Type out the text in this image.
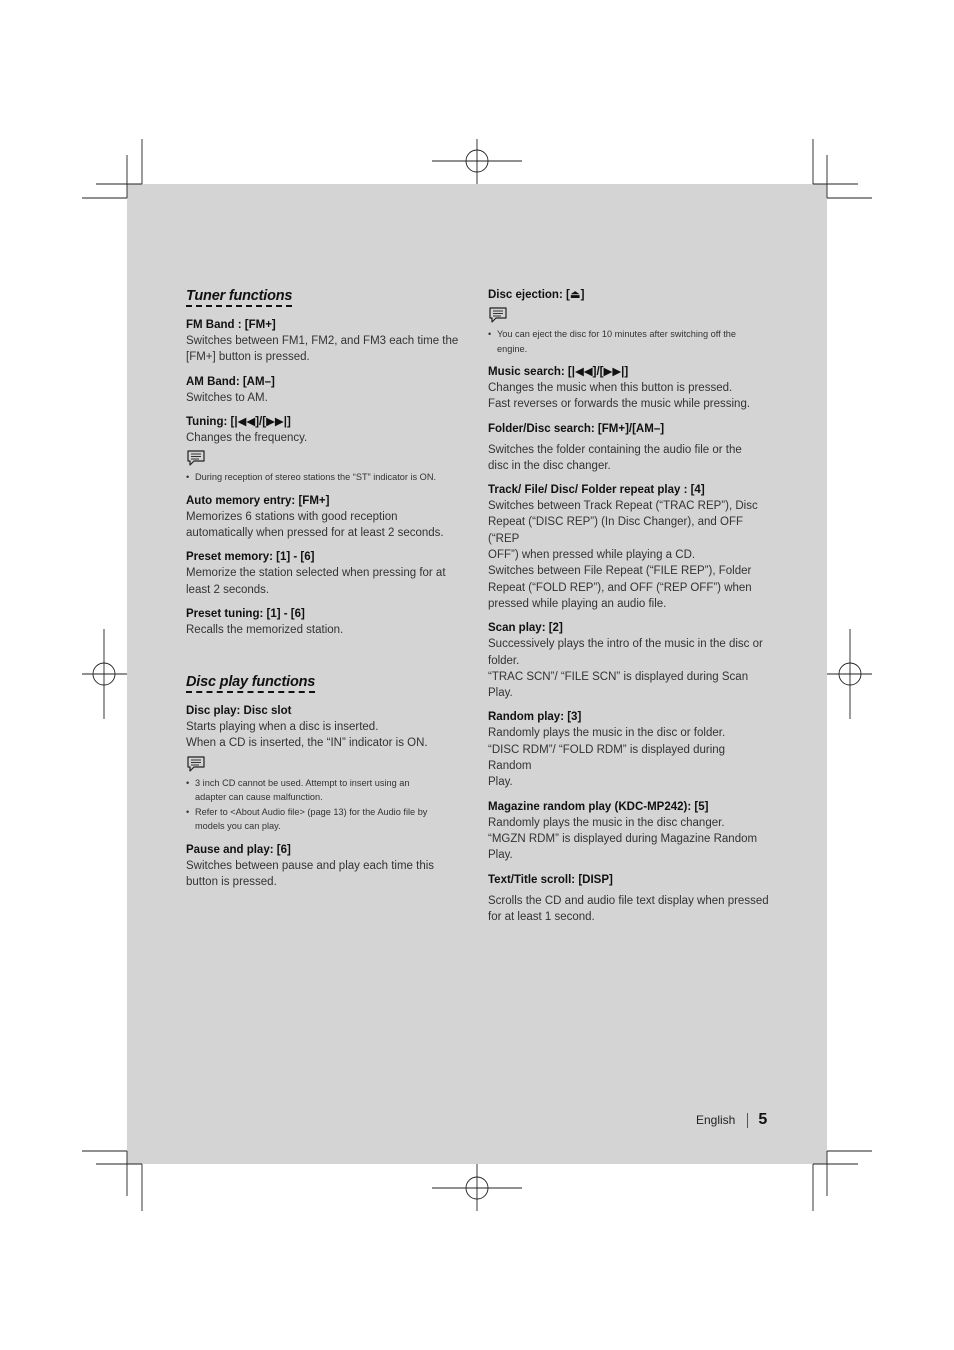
Tuner functions
FM Band : [FM+]
Switches between FM1, FM2, and FM3 each time the
[FM+] button is pressed.
AM Band: [AM–]
Switches to AM.
Tuning: [|◀◀]/[▶▶|]
Changes the frequency.
• During reception of stereo stations the “ST” indicator is ON.
Auto memory entry: [FM+]
Memorizes 6 stations with good reception
automatically when pressed for at least 2 seconds.
Preset memory: [1] - [6]
Memorize the station selected when pressing for at
least 2 seconds.
Preset tuning: [1] - [6]
Recalls the memorized station.
Disc play functions
Disc play: Disc slot
Starts playing when a disc is inserted.
When a CD is inserted, the “IN” indicator is ON.
• 3 inch CD cannot be used. Attempt to insert using an
adapter can cause malfunction.
• Refer to <About Audio file> (page 13) for the Audio file by
models you can play.
Pause and play: [6]
Switches between pause and play each time this
button is pressed.
Disc ejection: [⏏]
• You can eject the disc for 10 minutes after switching off the
engine.
Music search: [|◀◀]/[▶▶|]
Changes the music when this button is pressed.
Fast reverses or forwards the music while pressing.
Folder/Disc search: [FM+]/[AM–]
Switches the folder containing the audio file or the
disc in the disc changer.
Track/ File/ Disc/ Folder repeat play : [4]
Switches between Track Repeat (“TRAC REP”), Disc
Repeat (“DISC REP”) (In Disc Changer), and OFF (“REP
OFF”) when pressed while playing a CD.
Switches between File Repeat (“FILE REP”), Folder
Repeat (“FOLD REP”), and OFF (“REP OFF”) when
pressed while playing an audio file.
Scan play: [2]
Successively plays the intro of the music in the disc or
folder.
“TRAC SCN”/ “FILE SCN” is displayed during Scan Play.
Random play: [3]
Randomly plays the music in the disc or folder.
“DISC RDM”/ “FOLD RDM” is displayed during Random
Play.
Magazine random play (KDC-MP242): [5]
Randomly plays the music in the disc changer.
“MGZN RDM” is displayed during Magazine Random
Play.
Text/Title scroll: [DISP]
Scrolls the CD and audio file text display when pressed
for at least 1 second.
English 5
